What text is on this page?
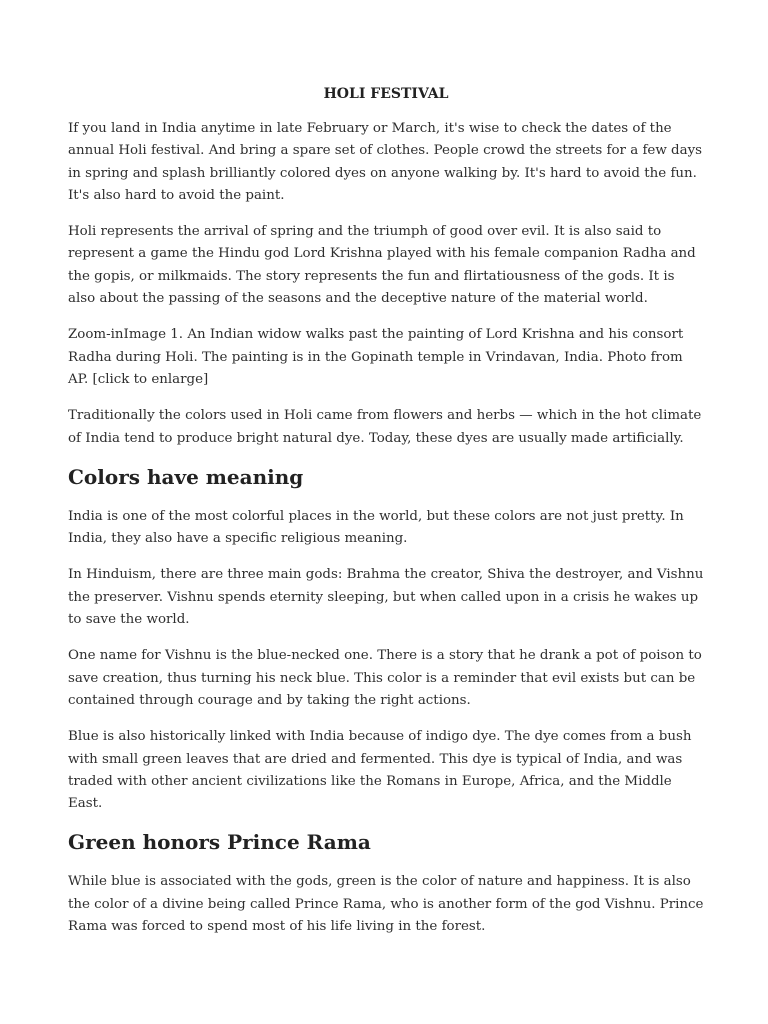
HOLI FESTIVAL

If you land in India anytime in late February or March, it's wise to check the dates of the annual Holi festival. And bring a spare set of clothes. People crowd the streets for a few days in spring and splash brilliantly colored dyes on anyone walking by. It's hard to avoid the fun. It's also hard to avoid the paint.

Holi represents the arrival of spring and the triumph of good over evil. It is also said to represent a game the Hindu god Lord Krishna played with his female companion Radha and the gopis, or milkmaids. The story represents the fun and flirtatiousness of the gods. It is also about the passing of the seasons and the deceptive nature of the material world.

Zoom-inImage 1. An Indian widow walks past the painting of Lord Krishna and his consort Radha during Holi. The painting is in the Gopinath temple in Vrindavan, India. Photo from AP. [click to enlarge]

Traditionally the colors used in Holi came from flowers and herbs — which in the hot climate of India tend to produce bright natural dye. Today, these dyes are usually made artificially.

Colors have meaning

India is one of the most colorful places in the world, but these colors are not just pretty. In India, they also have a specific religious meaning.

In Hinduism, there are three main gods: Brahma the creator, Shiva the destroyer, and Vishnu the preserver. Vishnu spends eternity sleeping, but when called upon in a crisis he wakes up to save the world.

One name for Vishnu is the blue-necked one. There is a story that he drank a pot of poison to save creation, thus turning his neck blue. This color is a reminder that evil exists but can be contained through courage and by taking the right actions.

Blue is also historically linked with India because of indigo dye. The dye comes from a bush with small green leaves that are dried and fermented. This dye is typical of India, and was traded with other ancient civilizations like the Romans in Europe, Africa, and the Middle East.

Green honors Prince Rama

While blue is associated with the gods, green is the color of nature and happiness. It is also the color of a divine being called Prince Rama, who is another form of the god Vishnu. Prince Rama was forced to spend most of his life living in the forest.
